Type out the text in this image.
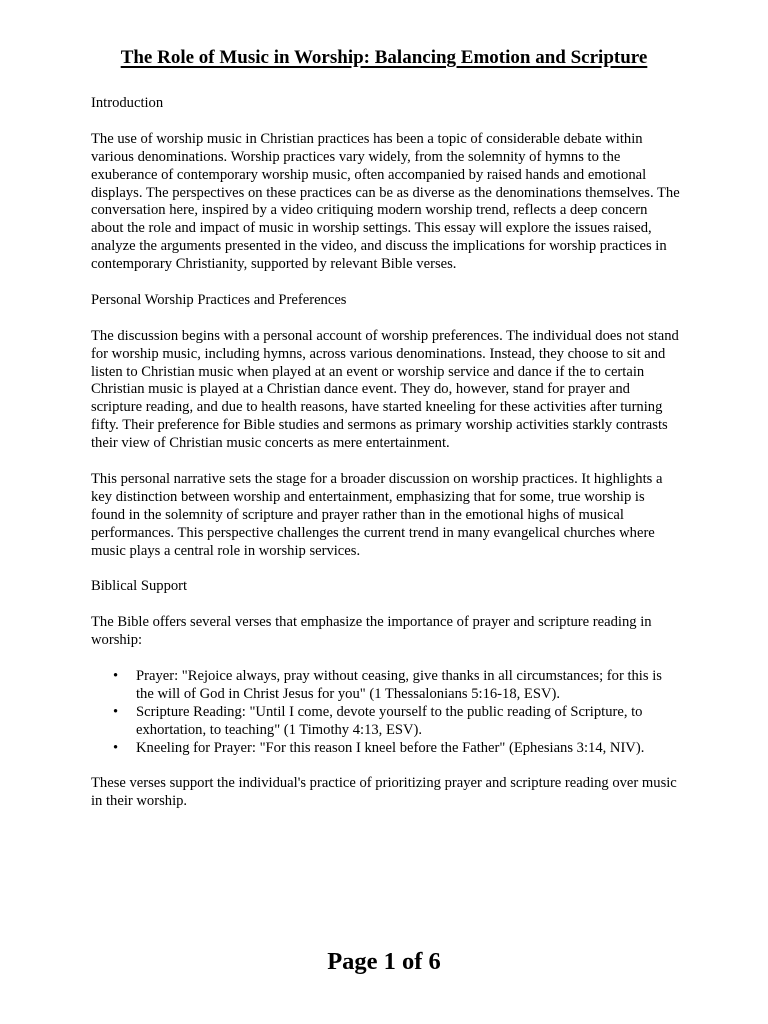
The Role of Music in Worship: Balancing Emotion and Scripture

Introduction

The use of worship music in Christian practices has been a topic of considerable debate within various denominations. Worship practices vary widely, from the solemnity of hymns to the exuberance of contemporary worship music, often accompanied by raised hands and emotional displays. The perspectives on these practices can be as diverse as the denominations themselves. The conversation here, inspired by a video critiquing modern worship trend, reflects a deep concern about the role and impact of music in worship settings. This essay will explore the issues raised, analyze the arguments presented in the video, and discuss the implications for worship practices in contemporary Christianity, supported by relevant Bible verses.

Personal Worship Practices and Preferences

The discussion begins with a personal account of worship preferences. The individual does not stand for worship music, including hymns, across various denominations. Instead, they choose to sit and listen to Christian music when played at an event or worship service and dance if the to certain Christian music is played at a Christian dance event. They do, however, stand for prayer and scripture reading, and due to health reasons, have started kneeling for these activities after turning fifty. Their preference for Bible studies and sermons as primary worship activities starkly contrasts their view of Christian music concerts as mere entertainment.

This personal narrative sets the stage for a broader discussion on worship practices. It highlights a key distinction between worship and entertainment, emphasizing that for some, true worship is found in the solemnity of scripture and prayer rather than in the emotional highs of musical performances. This perspective challenges the current trend in many evangelical churches where music plays a central role in worship services.

Biblical Support

The Bible offers several verses that emphasize the importance of prayer and scripture reading in worship:

• Prayer: "Rejoice always, pray without ceasing, give thanks in all circumstances; for this is the will of God in Christ Jesus for you" (1 Thessalonians 5:16-18, ESV).
• Scripture Reading: "Until I come, devote yourself to the public reading of Scripture, to exhortation, to teaching" (1 Timothy 4:13, ESV).
• Kneeling for Prayer: "For this reason I kneel before the Father" (Ephesians 3:14, NIV).

These verses support the individual's practice of prioritizing prayer and scripture reading over music in their worship.

Page 1 of 6
